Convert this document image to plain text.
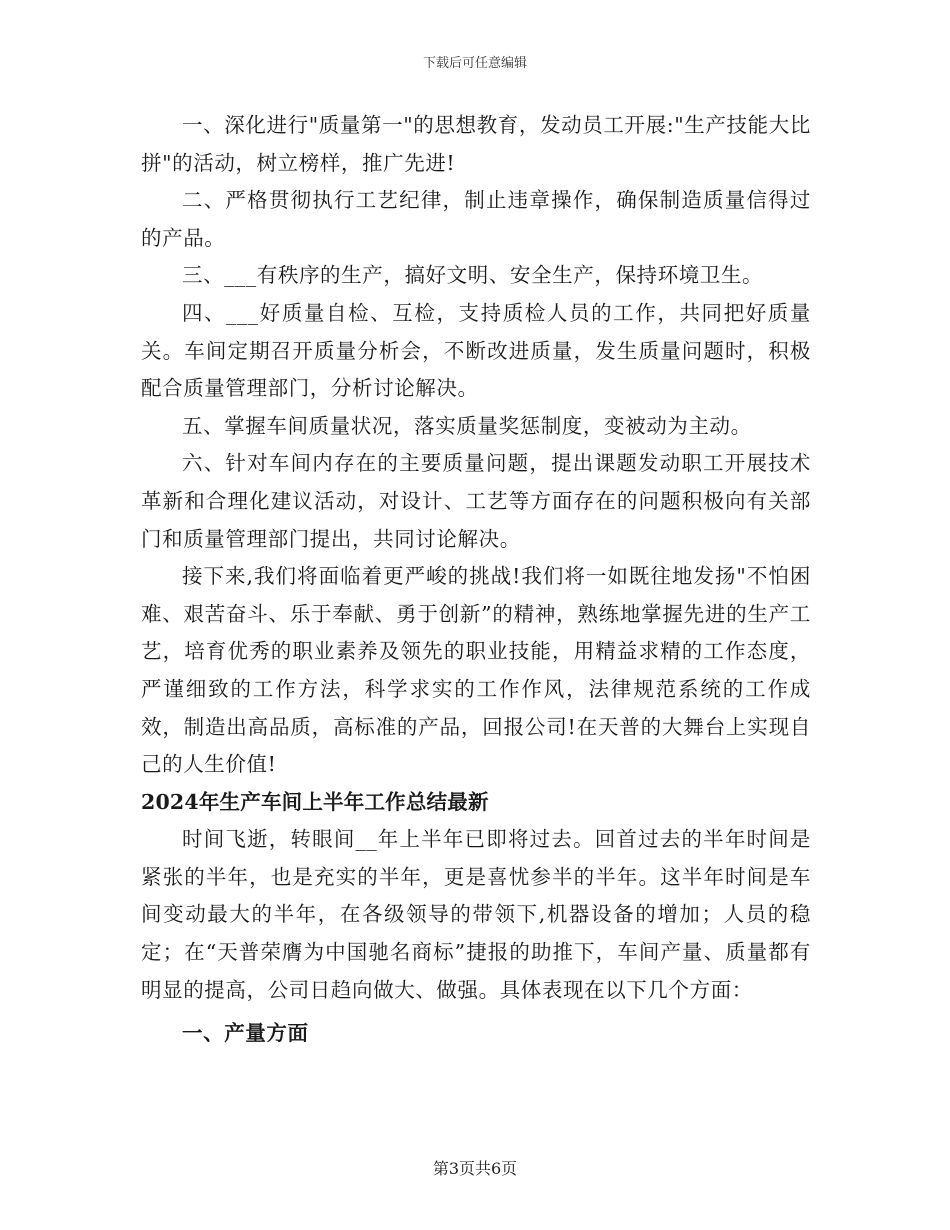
下载后可任意编辑

一、深化进行"质量第一"的思想教育，发动员工开展:"生产技能大比拼"的活动，树立榜样，推广先进!

二、严格贯彻执行工艺纪律，制止违章操作，确保制造质量信得过的产品。

三、___有秩序的生产，搞好文明、安全生产，保持环境卫生。

四、___好质量自检、互检，支持质检人员的工作，共同把好质量关。车间定期召开质量分析会，不断改进质量，发生质量问题时，积极配合质量管理部门，分析讨论解决。

五、掌握车间质量状况，落实质量奖惩制度，变被动为主动。

六、针对车间内存在的主要质量问题，提出课题发动职工开展技术革新和合理化建议活动，对设计、工艺等方面存在的问题积极向有关部门和质量管理部门提出，共同讨论解决。

接下来,我们将面临着更严峻的挑战!我们将一如既往地发扬"不怕困难、艰苦奋斗、乐于奉献、勇于创新”的精神，熟练地掌握先进的生产工艺，培育优秀的职业素养及领先的职业技能，用精益求精的工作态度，严谨细致的工作方法，科学求实的工作作风，法律规范系统的工作成效，制造出高品质，高标准的产品，回报公司!在天普的大舞台上实现自己的人生价值!

2024年生产车间上半年工作总结最新

时间飞逝，转眼间__年上半年已即将过去。回首过去的半年时间是紧张的半年，也是充实的半年，更是喜忧参半的半年。这半年时间是车间变动最大的半年，在各级领导的带领下,机器设备的增加；人员的稳定；在“天普荣膺为中国驰名商标”捷报的助推下，车间产量、质量都有明显的提高，公司日趋向做大、做强。具体表现在以下几个方面：

一、产量方面

第3页共6页
